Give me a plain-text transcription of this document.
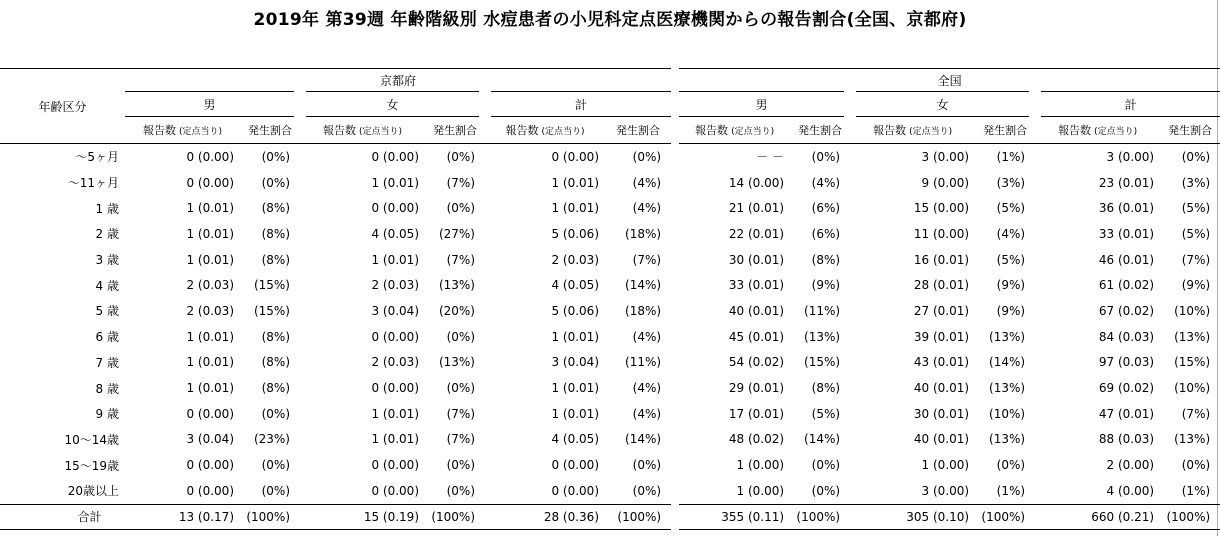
2019年 第39週 年齢階級別 水痘患者の小児科定点医療機関からの報告割合(全国、京都府)
年齢区分	京都府						全国					
	男		女		計		男		女		計	
	報告数 (定点当り)	発生割合	報告数 (定点当り)	発生割合	報告数 (定点当り)	発生割合	報告数 (定点当り)	発生割合	報告数 (定点当り)	発生割合	報告数 (定点当り)	発生割合
～5ヶ月	0 (0.00)	(0%)	0 (0.00)	(0%)	0 (0.00)	(0%)	－ －	(0%)	3 (0.00)	(1%)	3 (0.00)	(0%)
～11ヶ月	0 (0.00)	(0%)	1 (0.01)	(7%)	1 (0.01)	(4%)	14 (0.00)	(4%)	9 (0.00)	(3%)	23 (0.01)	(3%)
1 歳	1 (0.01)	(8%)	0 (0.00)	(0%)	1 (0.01)	(4%)	21 (0.01)	(6%)	15 (0.00)	(5%)	36 (0.01)	(5%)
2 歳	1 (0.01)	(8%)	4 (0.05)	(27%)	5 (0.06)	(18%)	22 (0.01)	(6%)	11 (0.00)	(4%)	33 (0.01)	(5%)
3 歳	1 (0.01)	(8%)	1 (0.01)	(7%)	2 (0.03)	(7%)	30 (0.01)	(8%)	16 (0.01)	(5%)	46 (0.01)	(7%)
4 歳	2 (0.03)	(15%)	2 (0.03)	(13%)	4 (0.05)	(14%)	33 (0.01)	(9%)	28 (0.01)	(9%)	61 (0.02)	(9%)
5 歳	2 (0.03)	(15%)	3 (0.04)	(20%)	5 (0.06)	(18%)	40 (0.01)	(11%)	27 (0.01)	(9%)	67 (0.02)	(10%)
6 歳	1 (0.01)	(8%)	0 (0.00)	(0%)	1 (0.01)	(4%)	45 (0.01)	(13%)	39 (0.01)	(13%)	84 (0.03)	(13%)
7 歳	1 (0.01)	(8%)	2 (0.03)	(13%)	3 (0.04)	(11%)	54 (0.02)	(15%)	43 (0.01)	(14%)	97 (0.03)	(15%)
8 歳	1 (0.01)	(8%)	0 (0.00)	(0%)	1 (0.01)	(4%)	29 (0.01)	(8%)	40 (0.01)	(13%)	69 (0.02)	(10%)
9 歳	0 (0.00)	(0%)	1 (0.01)	(7%)	1 (0.01)	(4%)	17 (0.01)	(5%)	30 (0.01)	(10%)	47 (0.01)	(7%)
10～14歳	3 (0.04)	(23%)	1 (0.01)	(7%)	4 (0.05)	(14%)	48 (0.02)	(14%)	40 (0.01)	(13%)	88 (0.03)	(13%)
15～19歳	0 (0.00)	(0%)	0 (0.00)	(0%)	0 (0.00)	(0%)	1 (0.00)	(0%)	1 (0.00)	(0%)	2 (0.00)	(0%)
20歳以上	0 (0.00)	(0%)	0 (0.00)	(0%)	0 (0.00)	(0%)	1 (0.00)	(0%)	3 (0.00)	(1%)	4 (0.00)	(1%)
合計	13 (0.17)	(100%)	15 (0.19)	(100%)	28 (0.36)	(100%)	355 (0.11)	(100%)	305 (0.10)	(100%)	660 (0.21)	(100%)
